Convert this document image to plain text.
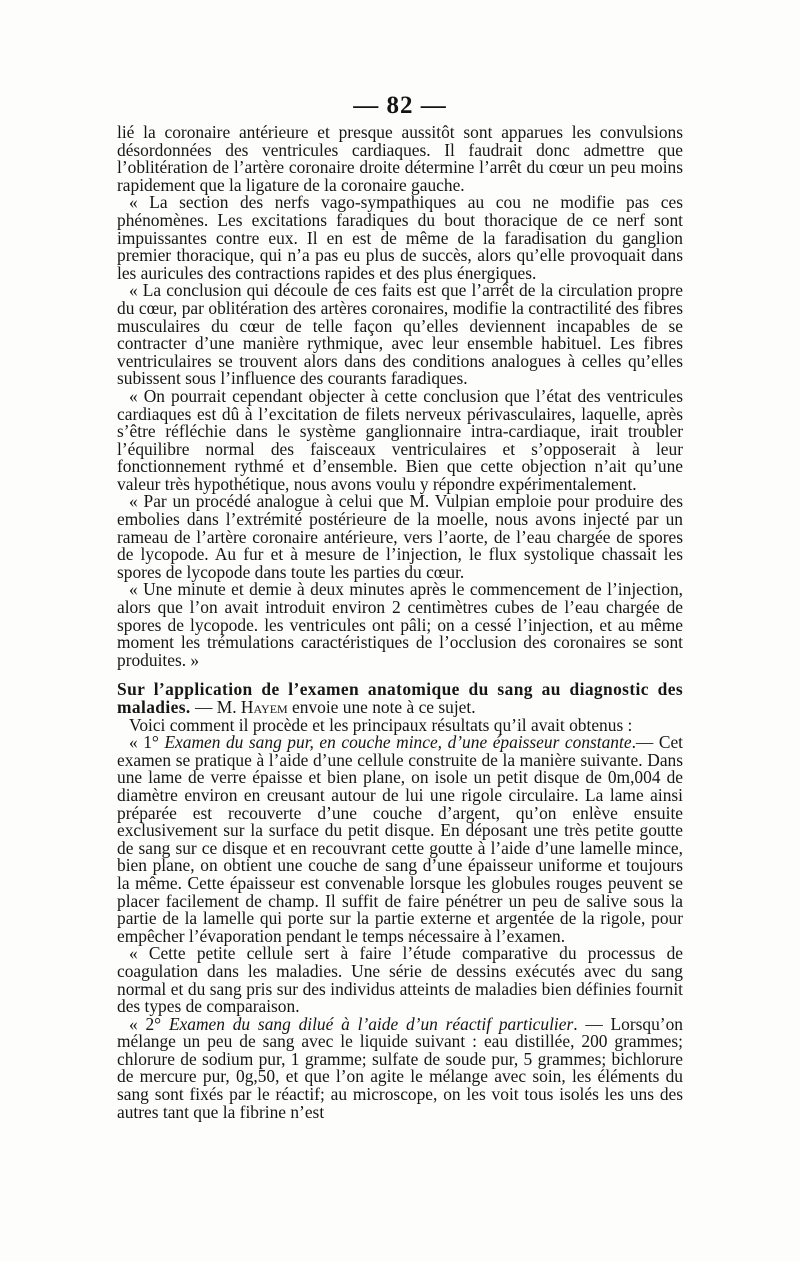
— 82 —

lié la coronaire antérieure et presque aussitôt sont apparues les convulsions désordonnées des ventricules cardiaques. Il faudrait donc admettre que l’oblitération de l’artère coronaire droite détermine l’arrêt du cœur un peu moins rapidement que la ligature de la coronaire gauche.

« La section des nerfs vago-sympathiques au cou ne modifie pas ces phénomènes. Les excitations faradiques du bout thoracique de ce nerf sont impuissantes contre eux. Il en est de même de la faradisation du ganglion premier thoracique, qui n’a pas eu plus de succès, alors qu’elle provoquait dans les auricules des contractions rapides et des plus énergiques.

« La conclusion qui découle de ces faits est que l’arrêt de la circulation propre du cœur, par oblitération des artères coronaires, modifie la contractilité des fibres musculaires du cœur de telle façon qu’elles deviennent incapables de se contracter d’une manière rythmique, avec leur ensemble habituel. Les fibres ventriculaires se trouvent alors dans des conditions analogues à celles qu’elles subissent sous l’influence des courants faradiques.

« On pourrait cependant objecter à cette conclusion que l’état des ventricules cardiaques est dû à l’excitation de filets nerveux périvasculaires, laquelle, après s’être réfléchie dans le système ganglionnaire intra-cardiaque, irait troubler l’équilibre normal des faisceaux ventriculaires et s’opposerait à leur fonctionnement rythmé et d’ensemble. Bien que cette objection n’ait qu’une valeur très hypothétique, nous avons voulu y répondre expérimentalement.

« Par un procédé analogue à celui que M. Vulpian emploie pour produire des embolies dans l’extrémité postérieure de la moelle, nous avons injecté par un rameau de l’artère coronaire antérieure, vers l’aorte, de l’eau chargée de spores de lycopode. Au fur et à mesure de l’injection, le flux systolique chassait les spores de lycopode dans toute les parties du cœur.

« Une minute et demie à deux minutes après le commencement de l’injection, alors que l’on avait introduit environ 2 centimètres cubes de l’eau chargée de spores de lycopode. les ventricules ont pâli; on a cessé l’injection, et au même moment les trémulations caractéristiques de l’occlusion des coronaires se sont produites. »

Sur l’application de l’examen anatomique du sang au diagnostic des maladies. — M. Hayem envoie une note à ce sujet.

Voici comment il procède et les principaux résultats qu’il avait obtenus :

« 1° Examen du sang pur, en couche mince, d’une épaisseur constante.— Cet examen se pratique à l’aide d’une cellule construite de la manière suivante. Dans une lame de verre épaisse et bien plane, on isole un petit disque de 0m,004 de diamètre environ en creusant autour de lui une rigole circulaire. La lame ainsi préparée est recouverte d’une couche d’argent, qu’on enlève ensuite exclusivement sur la surface du petit disque. En déposant une très petite goutte de sang sur ce disque et en recouvrant cette goutte à l’aide d’une lamelle mince, bien plane, on obtient une couche de sang d’une épaisseur uniforme et toujours la même. Cette épaisseur est convenable lorsque les globules rouges peuvent se placer facilement de champ. Il suffit de faire pénétrer un peu de salive sous la partie de la lamelle qui porte sur la partie externe et argentée de la rigole, pour empêcher l’évaporation pendant le temps nécessaire à l’examen.

« Cette petite cellule sert à faire l’étude comparative du processus de coagulation dans les maladies. Une série de dessins exécutés avec du sang normal et du sang pris sur des individus atteints de maladies bien définies fournit des types de comparaison.

« 2° Examen du sang dilué à l’aide d’un réactif particulier. — Lorsqu’on mélange un peu de sang avec le liquide suivant : eau distillée, 200 grammes; chlorure de sodium pur, 1 gramme; sulfate de soude pur, 5 grammes; bichlorure de mercure pur, 0g,50, et que l’on agite le mélange avec soin, les éléments du sang sont fixés par le réactif; au microscope, on les voit tous isolés les uns des autres tant que la fibrine n’est
